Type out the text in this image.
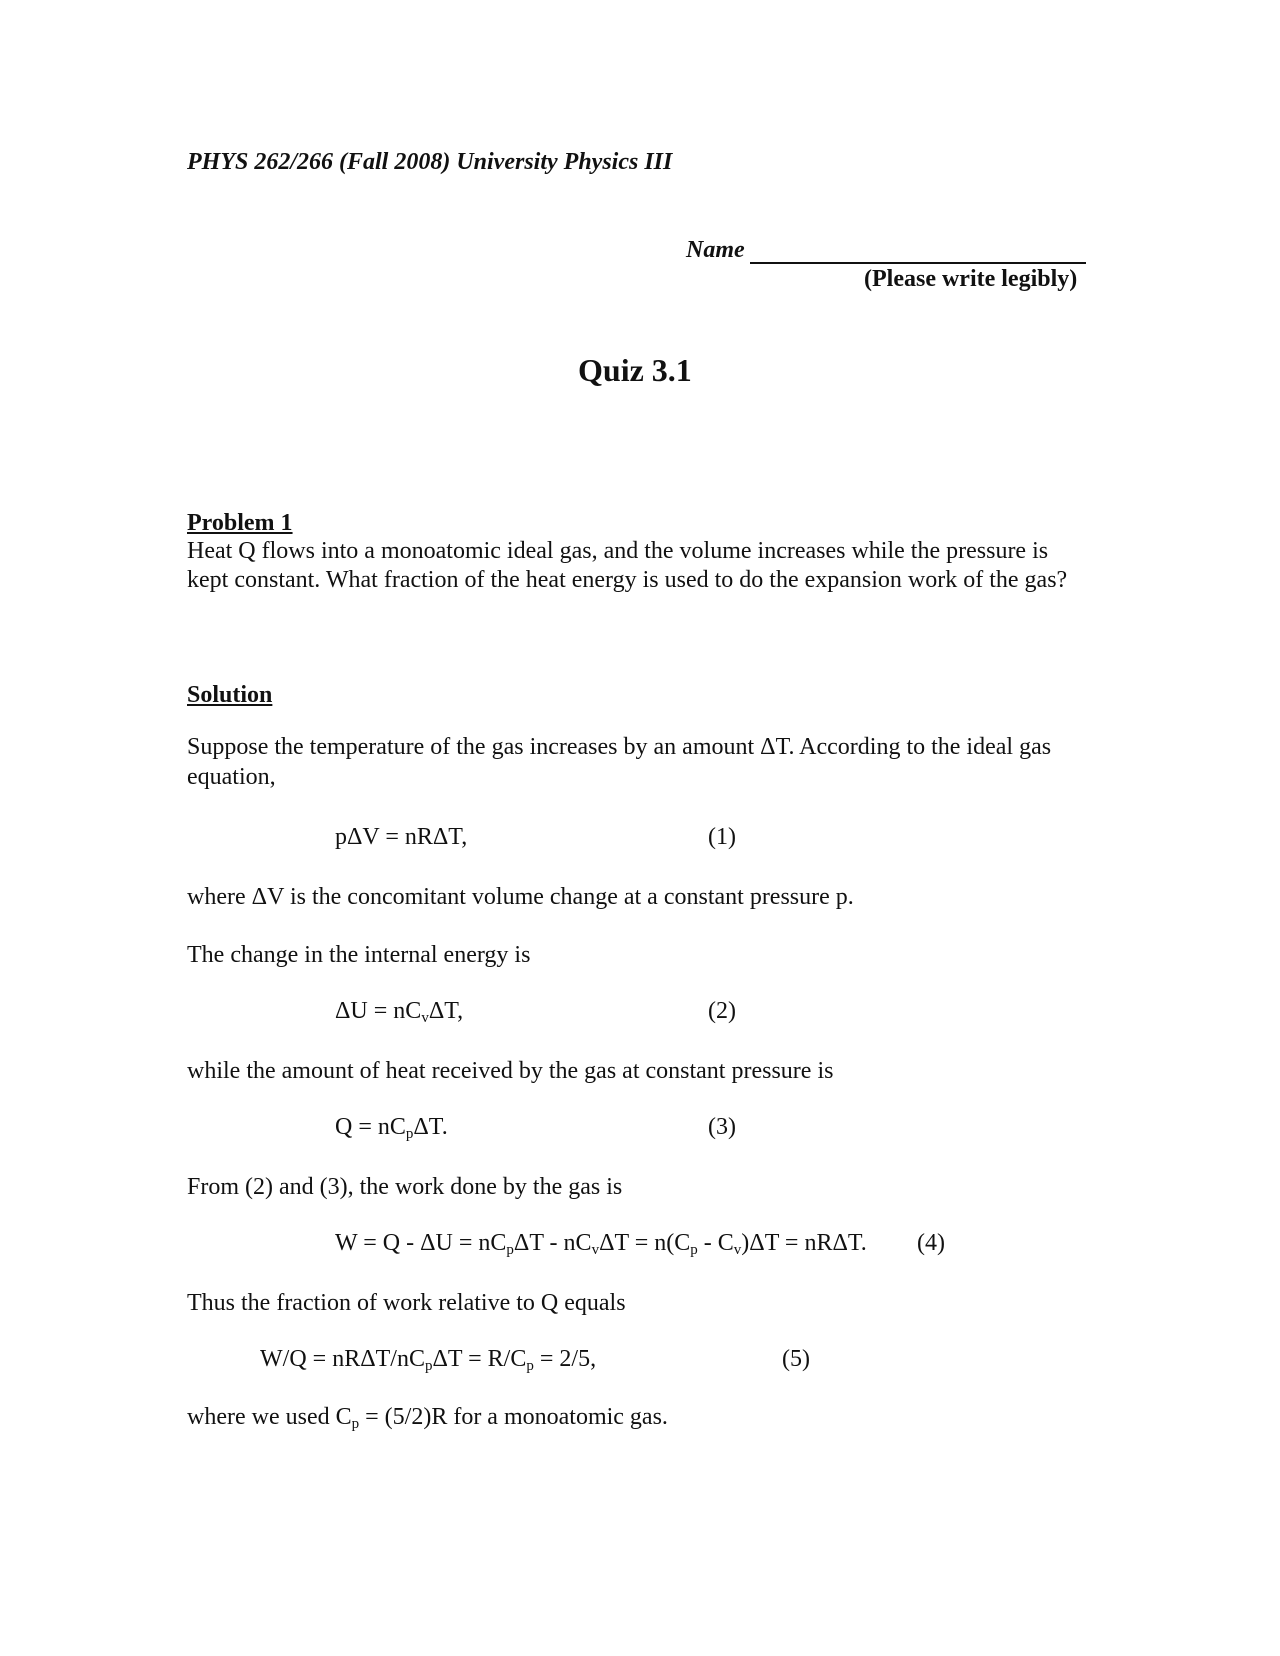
PHYS 262/266 (Fall 2008) University Physics III
Name
(Please write legibly)
Quiz 3.1
Problem 1
Heat Q flows into a monoatomic ideal gas, and the volume increases while the pressure is kept constant. What fraction of the heat energy is used to do the expansion work of the gas?
Solution
Suppose the temperature of the gas increases by an amount ΔT. According to the ideal gas equation,
pΔV = nRΔT,	(1)
where ΔV is the concomitant volume change at a constant pressure p.
The change in the internal energy is
$\Delta U = nC_v\Delta T$,	(2)
while the amount of heat received by the gas at constant pressure is
$Q = nC_p\Delta T$.	(3)
From (2) and (3), the work done by the gas is
$W = Q - \Delta U = nC_p\Delta T - nC_v\Delta T = n(C_p - C_v)\Delta T = nR\Delta T$. (4)
Thus the fraction of work relative to Q equals
W/Q = nRΔT/$nC_p\Delta T = R/C_p = 2/5$,	(5)
where we used $C_p = (5/2)R$ for a monoatomic gas.
